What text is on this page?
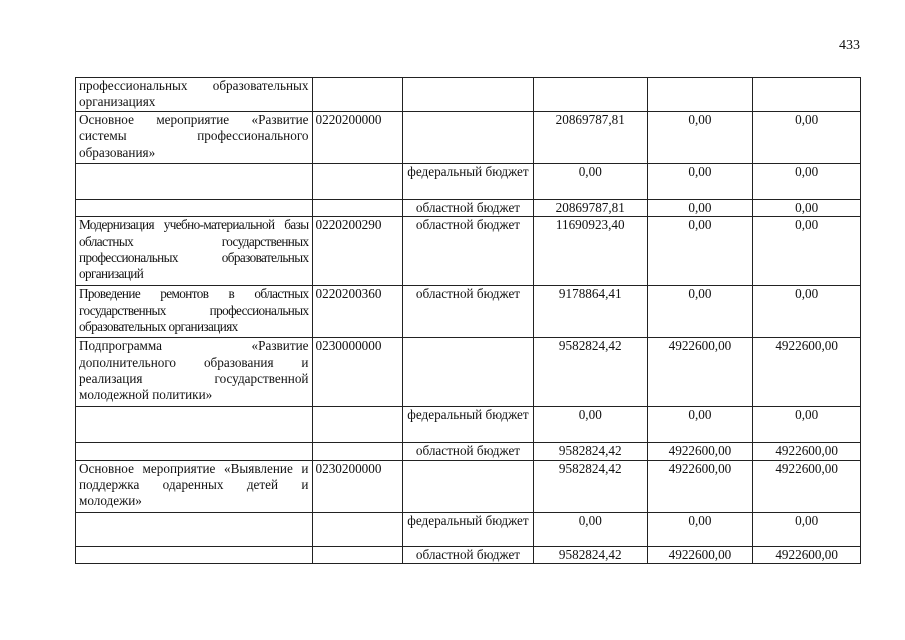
433
профессиональных образовательных организациях					
Основное мероприятие «Развитие системы профессионального образования»	0220200000		20869787,81	0,00	0,00
		федеральный бюджет	0,00	0,00	0,00
		областной бюджет	20869787,81	0,00	0,00
Модернизация учебно-материальной базы областных государственных профессиональных образовательных организаций	0220200290	областной бюджет	11690923,40	0,00	0,00
Проведение ремонтов в областных государственных профессиональных образовательных организациях	0220200360	областной бюджет	9178864,41	0,00	0,00
Подпрограмма «Развитие дополнительного образования и реализация государственной молодежной политики»	0230000000		9582824,42	4922600,00	4922600,00
		федеральный бюджет	0,00	0,00	0,00
		областной бюджет	9582824,42	4922600,00	4922600,00
Основное мероприятие «Выявление и поддержка одаренных детей и молодежи»	0230200000		9582824,42	4922600,00	4922600,00
		федеральный бюджет	0,00	0,00	0,00
		областной бюджет	9582824,42	4922600,00	4922600,00
